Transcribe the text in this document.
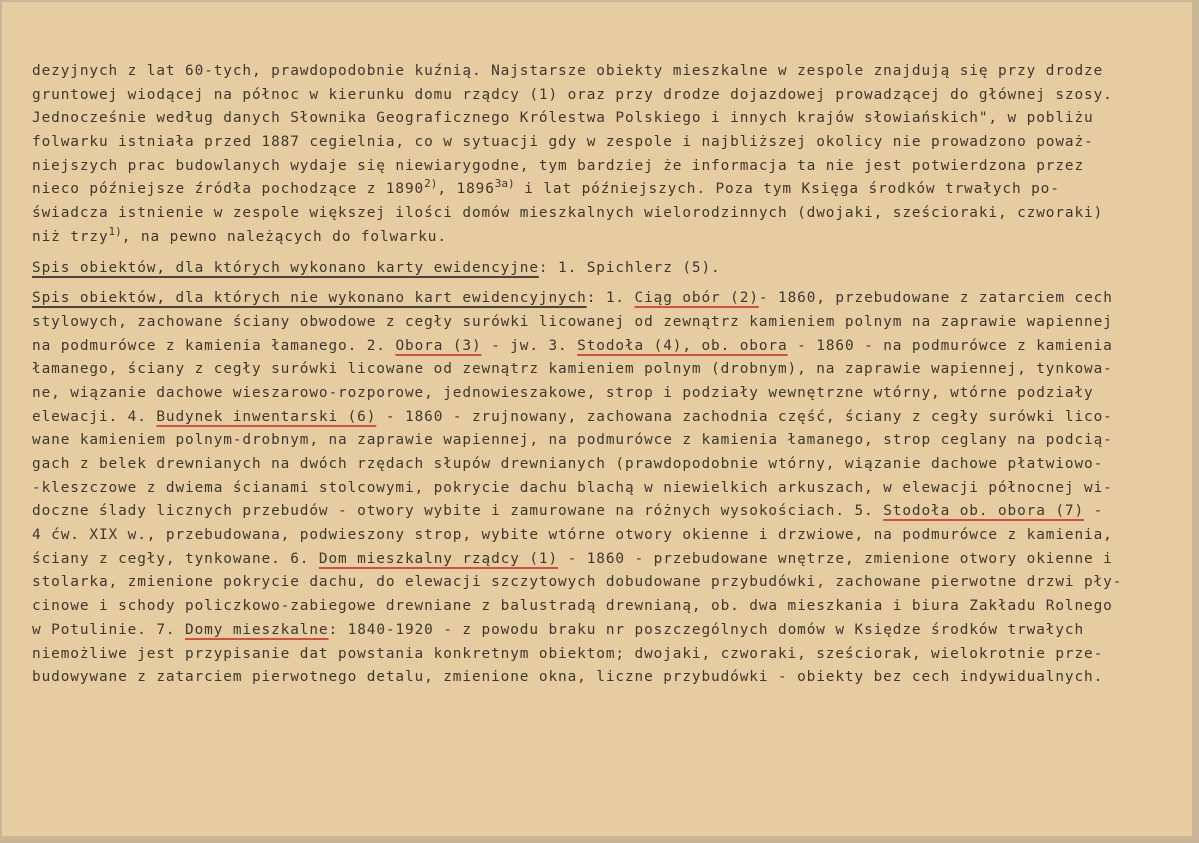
dezyjnych z lat 60-tych, prawdopodobnie kuźnią. Najstarsze obiekty mieszkalne w zespole znajdują się przy drodze
gruntowej wiodącej na północ w kierunku domu rządcy (1) oraz przy drodze dojazdowej prowadzącej do głównej szosy.
Jednocześnie według danych Słownika Geograficznego Królestwa Polskiego i innych krajów słowiańskich", w pobliżu
folwarku istniała przed 1887 cegielnia, co w sytuacji gdy w zespole i najbliższej okolicy nie prowadzono poważ-
niejszych prac budowlanych wydaje się niewiarygodne, tym bardziej że informacja ta nie jest potwierdzona przez
nieco późniejsze źródła pochodzące z 1890$^{2)}$, $1896^{3a)}$ i lat późniejszych. Poza tym Księga środków trwałych po-
świadcza istnienie w zespole większej ilości domów mieszkalnych wielorodzinnych (dwojaki, sześcioraki, czworaki)
niż trzy$^{1)}$, na pewno należących do folwarku.
Spis obiektów, dla których wykonano karty ewidencyjne: 1. Spichlerz (5).
Spis obiektów, dla których nie wykonano kart ewidencyjnych: 1. Ciąg obór (2)- 1860, przebudowane z zatarciem cech
stylowych, zachowane ściany obwodowe z cegły surówki licowanej od zewnątrz kamieniem polnym na zaprawie wapiennej
na podmurówce z kamienia łamanego. 2. Obora (3) - jw. 3. Stodoła (4), ob. obora - 1860 - na podmurówce z kamienia
łamanego, ściany z cegły surówki licowane od zewnątrz kamieniem polnym (drobnym), na zaprawie wapiennej, tynkowa-
ne, wiązanie dachowe wieszarowo-rozporowe, jednowieszakowe, strop i podziały wewnętrzne wtórny, wtórne podziały
elewacji. 4. Budynek inwentarski (6) - 1860 - zrujnowany, zachowana zachodnia część, ściany z cegły surówki lico-
wane kamieniem polnym-drobnym, na zaprawie wapiennej, na podmurówce z kamienia łamanego, strop ceglany na podcią-
gach z belek drewnianych na dwóch rzędach słupów drewnianych (prawdopodobnie wtórny, wiązanie dachowe płatwiowo-
-kleszczowe z dwiema ścianami stolcowymi, pokrycie dachu blachą w niewielkich arkuszach, w elewacji północnej wi-
doczne ślady licznych przebudów - otwory wybite i zamurowane na różnych wysokościach. 5. Stodoła ob. obora (7) -
4 ćw. XIX w., przebudowana, podwieszony strop, wybite wtórne otwory okienne i drzwiowe, na podmurówce z kamienia,
ściany z cegły, tynkowane. 6. Dom mieszkalny rządcy (1) - 1860 - przebudowane wnętrze, zmienione otwory okienne i
stolarka, zmienione pokrycie dachu, do elewacji szczytowych dobudowane przybudówki, zachowane pierwotne drzwi pły-
cinowe i schody policzkowo-zabiegowe drewniane z balustradą drewnianą, ob. dwa mieszkania i biura Zakładu Rolnego
w Potulinie. 7. Domy mieszkalne: 1840-1920 - z powodu braku nr poszczególnych domów w Księdze środków trwałych
niemożliwe jest przypisanie dat powstania konkretnym obiektom; dwojaki, czworaki, sześciorak, wielokrotnie prze-
budowywane z zatarciem pierwotnego detalu, zmienione okna, liczne przybudówki - obiekty bez cech indywidualnych.
